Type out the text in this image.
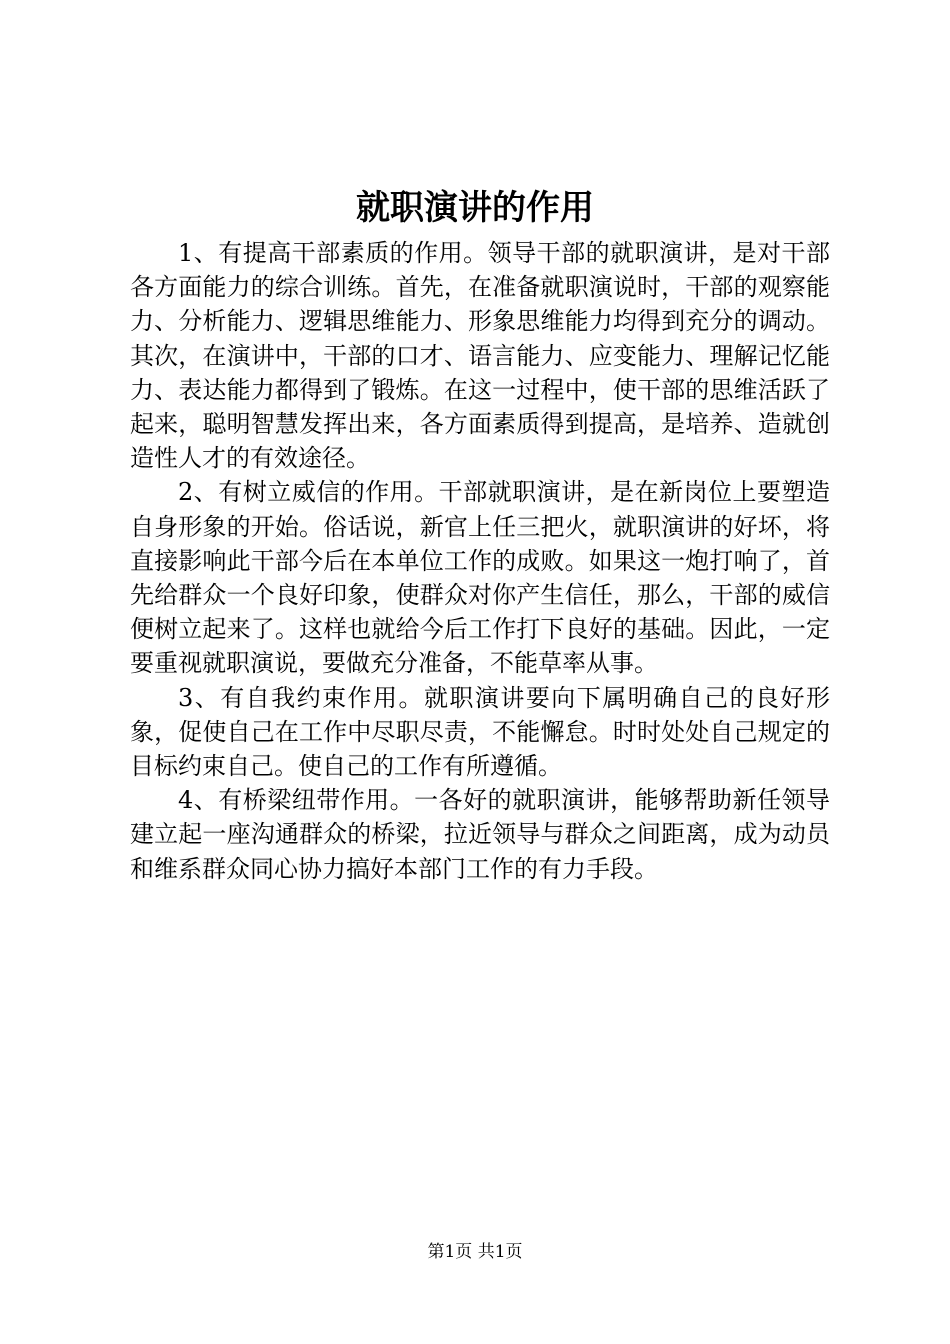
就职演讲的作用

1、有提高干部素质的作用。领导干部的就职演讲，是对干部各方面能力的综合训练。首先，在准备就职演说时，干部的观察能力、分析能力、逻辑思维能力、形象思维能力均得到充分的调动。其次，在演讲中，干部的口才、语言能力、应变能力、理解记忆能力、表达能力都得到了锻炼。在这一过程中，使干部的思维活跃了起来，聪明智慧发挥出来，各方面素质得到提高，是培养、造就创造性人才的有效途径。

2、有树立威信的作用。干部就职演讲，是在新岗位上要塑造自身形象的开始。俗话说，新官上任三把火，就职演讲的好坏，将直接影响此干部今后在本单位工作的成败。如果这一炮打响了，首先给群众一个良好印象，使群众对你产生信任，那么，干部的威信便树立起来了。这样也就给今后工作打下良好的基础。因此，一定要重视就职演说，要做充分准备，不能草率从事。

3、有自我约束作用。就职演讲要向下属明确自己的良好形象，促使自己在工作中尽职尽责，不能懈怠。时时处处自己规定的目标约束自己。使自己的工作有所遵循。

4、有桥梁纽带作用。一各好的就职演讲，能够帮助新任领导建立起一座沟通群众的桥梁，拉近领导与群众之间距离，成为动员和维系群众同心协力搞好本部门工作的有力手段。

第1页 共1页
